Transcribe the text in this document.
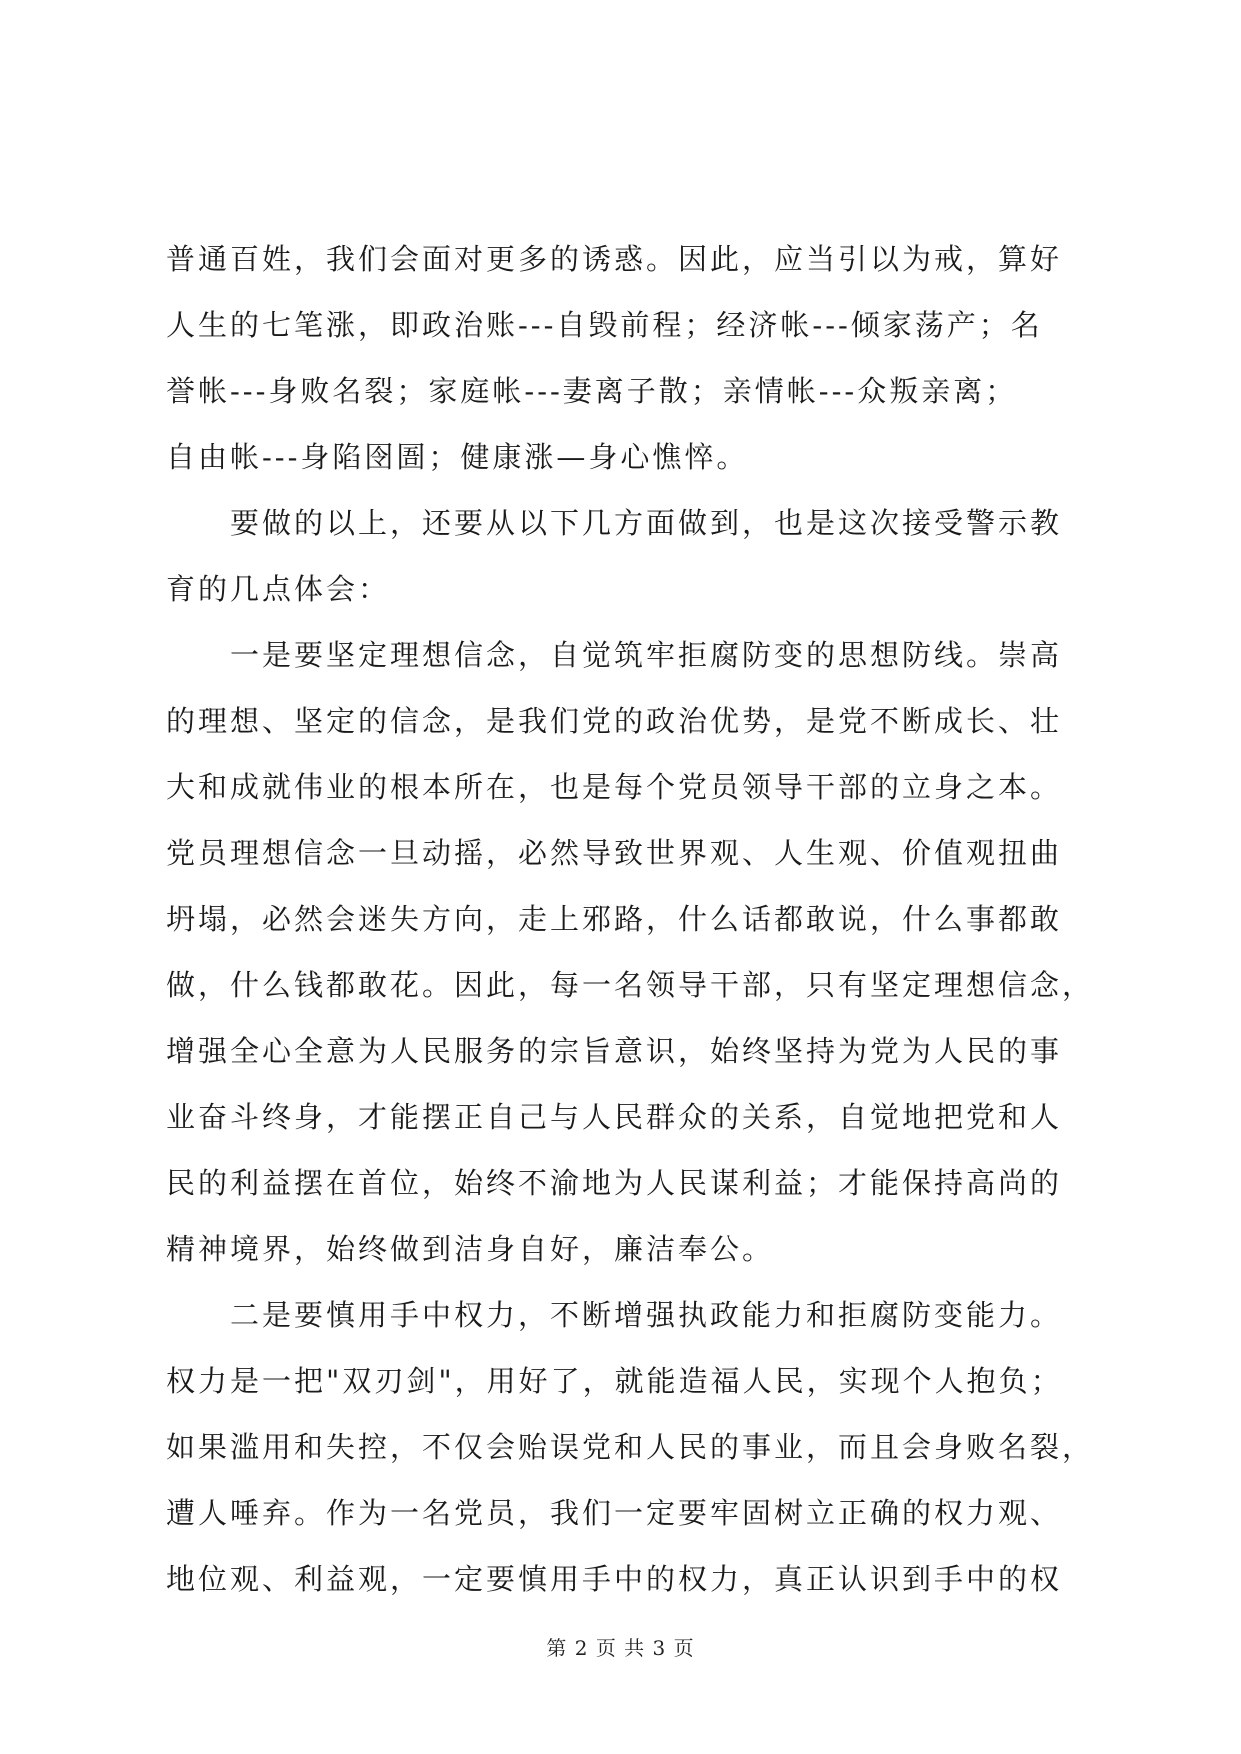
普通百姓，我们会面对更多的诱惑。因此，应当引以为戒，算好
人生的七笔涨，即政治账---自毁前程；经济帐---倾家荡产；名
誉帐---身败名裂；家庭帐---妻离子散；亲情帐---众叛亲离；
自由帐---身陷囹圄；健康涨—身心憔悴。
要做的以上，还要从以下几方面做到，也是这次接受警示教
育的几点体会：
一是要坚定理想信念，自觉筑牢拒腐防变的思想防线。崇高
的理想、坚定的信念，是我们党的政治优势，是党不断成长、壮
大和成就伟业的根本所在，也是每个党员领导干部的立身之本。
党员理想信念一旦动摇，必然导致世界观、人生观、价值观扭曲
坍塌，必然会迷失方向，走上邪路，什么话都敢说，什么事都敢
做，什么钱都敢花。因此，每一名领导干部，只有坚定理想信念，
增强全心全意为人民服务的宗旨意识，始终坚持为党为人民的事
业奋斗终身，才能摆正自己与人民群众的关系，自觉地把党和人
民的利益摆在首位，始终不渝地为人民谋利益；才能保持高尚的
精神境界，始终做到洁身自好，廉洁奉公。
二是要慎用手中权力，不断增强执政能力和拒腐防变能力。
权力是一把"双刃剑"，用好了，就能造福人民，实现个人抱负；
如果滥用和失控，不仅会贻误党和人民的事业，而且会身败名裂，
遭人唾弃。作为一名党员，我们一定要牢固树立正确的权力观、
地位观、利益观，一定要慎用手中的权力，真正认识到手中的权
第 2 页 共 3 页
